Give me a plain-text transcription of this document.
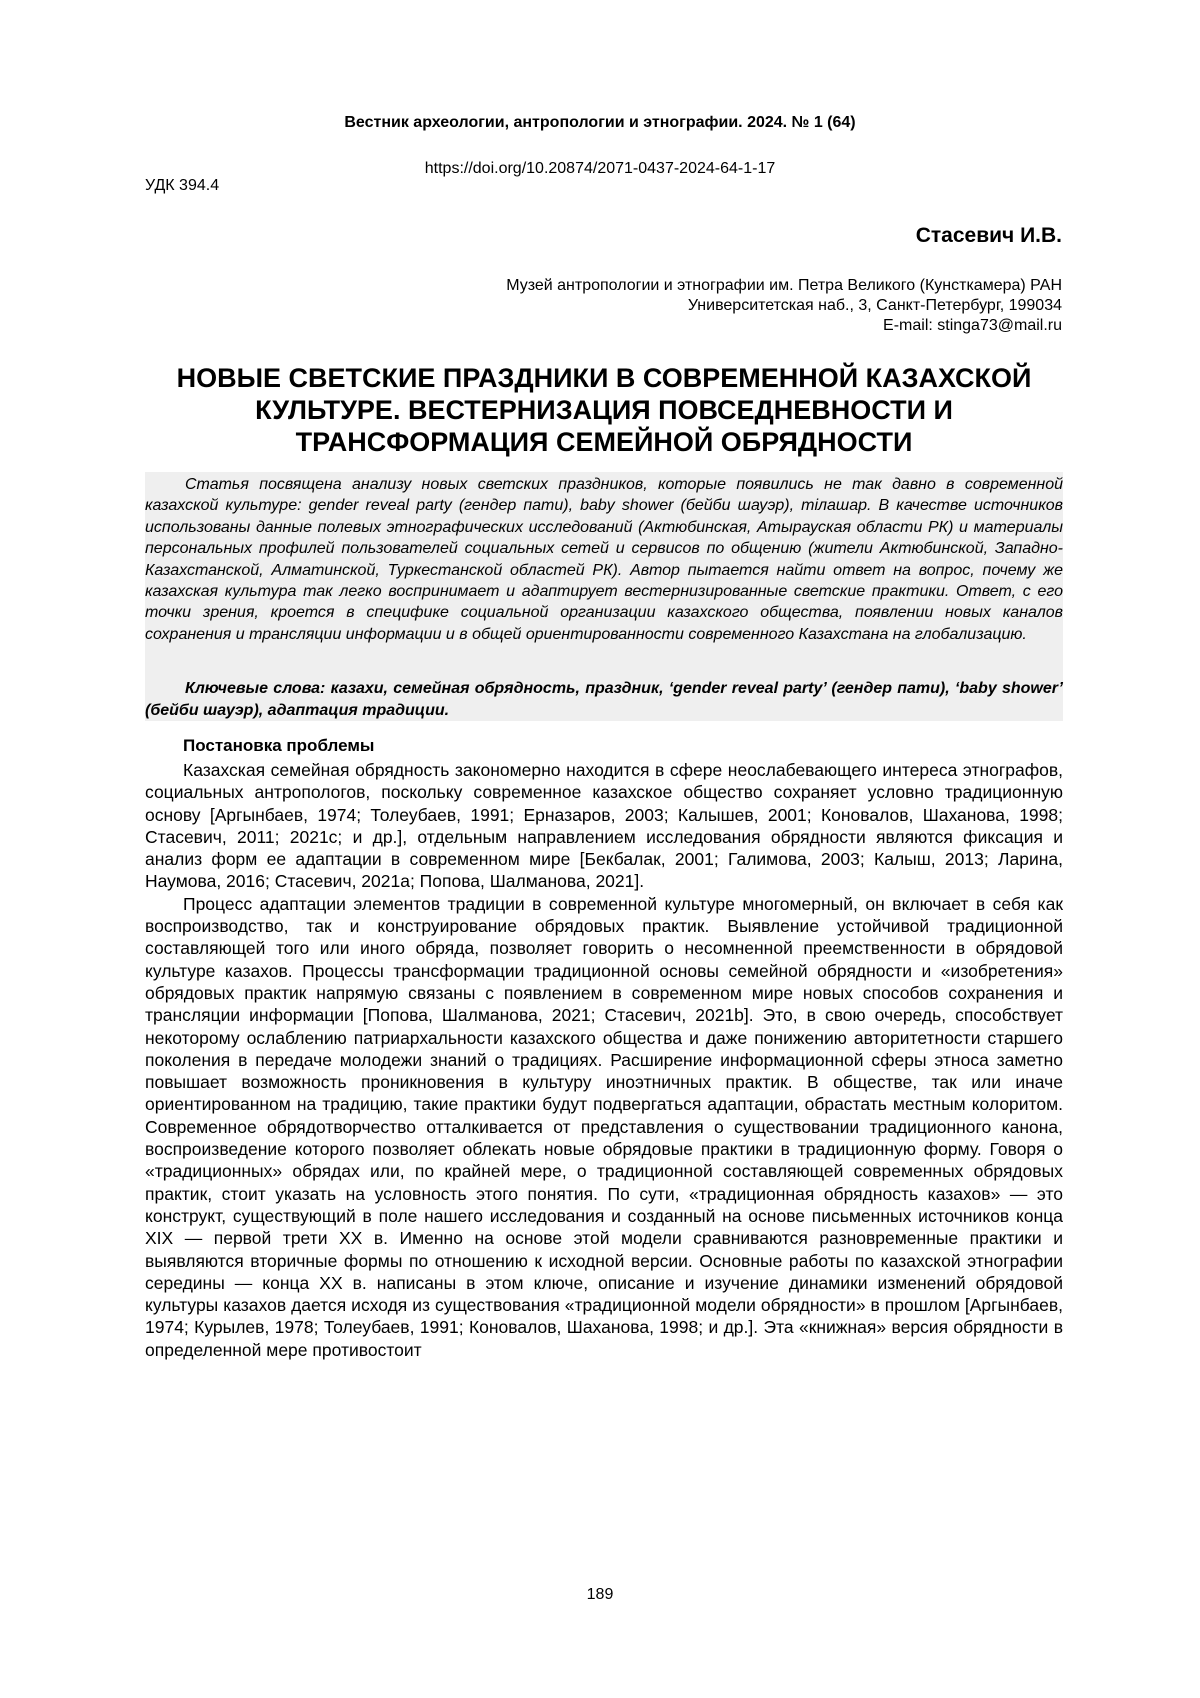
Вестник археологии, антропологии и этнографии. 2024. № 1 (64)
https://doi.org/10.20874/2071-0437-2024-64-1-17
УДК 394.4
Стасевич И.В.
Музей антропологии и этнографии им. Петра Великого (Кунсткамера) РАН
Университетская наб., 3, Санкт-Петербург, 199034
E-mail: stinga73@mail.ru
НОВЫЕ СВЕТСКИЕ ПРАЗДНИКИ В СОВРЕМЕННОЙ КАЗАХСКОЙ КУЛЬТУРЕ. ВЕСТЕРНИЗАЦИЯ ПОВСЕДНЕВНОСТИ И ТРАНСФОРМАЦИЯ СЕМЕЙНОЙ ОБРЯДНОСТИ

Статья посвящена анализу новых светских праздников, которые появились не так давно в современной казахской культуре: gender reveal party (гендер пати), baby shower (бейби шауэр), тiлашар. В качестве источников использованы данные полевых этнографических исследований (Актюбинская, Атырауская области РК) и материалы персональных профилей пользователей социальных сетей и сервисов по общению (жители Актюбинской, Западно-Казахстанской, Алматинской, Туркестанской областей РК). Автор пытается найти ответ на вопрос, почему же казахская культура так легко воспринимает и адаптирует вестернизированные светские практики. Ответ, с его точки зрения, кроется в специфике социальной организации казахского общества, появлении новых каналов сохранения и трансляции информации и в общей ориентированности современного Казахстана на глобализацию.

Ключевые слова: казахи, семейная обрядность, праздник, ‘gender reveal party’ (гендер пати), ‘baby shower’ (бейби шауэр), адаптация традиции.

Постановка проблемы

Казахская семейная обрядность закономерно находится в сфере неослабевающего интереса этнографов, социальных антропологов, поскольку современное казахское общество сохраняет условно традиционную основу [Аргынбаев, 1974; Толеубаев, 1991; Ерназаров, 2003; Калышев, 2001; Коновалов, Шаханова, 1998; Стасевич, 2011; 2021c; и др.], отдельным направлением исследования обрядности являются фиксация и анализ форм ее адаптации в современном мире [Бекбалак, 2001; Галимова, 2003; Калыш, 2013; Ларина, Наумова, 2016; Стасевич, 2021a; Попова, Шалманова, 2021].

Процесс адаптации элементов традиции в современной культуре многомерный, он включает в себя как воспроизводство, так и конструирование обрядовых практик. Выявление устойчивой традиционной составляющей того или иного обряда, позволяет говорить о несомненной преемственности в обрядовой культуре казахов. Процессы трансформации традиционной основы семейной обрядности и «изобретения» обрядовых практик напрямую связаны с появлением в современном мире новых способов сохранения и трансляции информации [Попова, Шалманова, 2021; Стасевич, 2021b]. Это, в свою очередь, способствует некоторому ослаблению патриархальности казахского общества и даже понижению авторитетности старшего поколения в передаче молодежи знаний о традициях. Расширение информационной сферы этноса заметно повышает возможность проникновения в культуру иноэтничных практик. В обществе, так или иначе ориентированном на традицию, такие практики будут подвергаться адаптации, обрастать местным колоритом. Современное обрядотворчество отталкивается от представления о существовании традиционного канона, воспроизведение которого позволяет облекать новые обрядовые практики в традиционную форму. Говоря о «традиционных» обрядах или, по крайней мере, о традиционной составляющей современных обрядовых практик, стоит указать на условность этого понятия. По сути, «традиционная обрядность казахов» — это конструкт, существующий в поле нашего исследования и созданный на основе письменных источников конца XIX — первой трети XX в. Именно на основе этой модели сравниваются разновременные практики и выявляются вторичные формы по отношению к исходной версии. Основные работы по казахской этнографии середины — конца XX в. написаны в этом ключе, описание и изучение динамики изменений обрядовой культуры казахов дается исходя из существования «традиционной модели обрядности» в прошлом [Аргынбаев, 1974; Курылев, 1978; Толеубаев, 1991; Коновалов, Шаханова, 1998; и др.]. Эта «книжная» версия обрядности в определенной мере противостоит

189
